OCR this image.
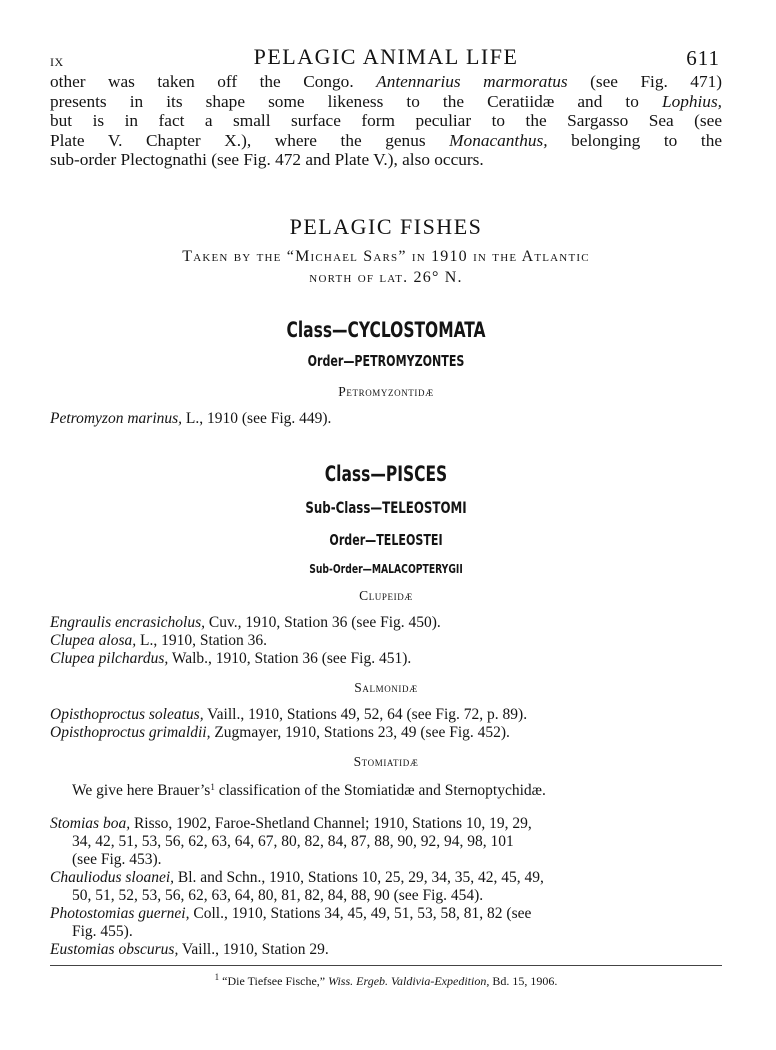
IX	PELAGIC ANIMAL LIFE	611
other was taken off the Congo. Antennarius marmoratus (see Fig. 471)
presents in its shape some likeness to the Ceratiidæ and to Lophius,
but is in fact a small surface form peculiar to the Sargasso Sea (see
Plate V. Chapter X.), where the genus Monacanthus, belonging to the
sub-order Plectognathi (see Fig. 472 and Plate V.), also occurs.
PELAGIC FISHES
Taken by the “Michael Sars” in 1910 in the Atlantic
north of lat. 26° N.
Class—CYCLOSTOMATA
Order—PETROMYZONTES
Petromyzontidæ

Petromyzon marinus, L., 1910 (see Fig. 449).

Class—PISCES
Sub-Class—TELEOSTOMI
Order—TELEOSTEI
Sub-Order—MALACOPTERYGII
Clupeidæ

Engraulis encrasicholus, Cuv., 1910, Station 36 (see Fig. 450).

Clupea alosa, L., 1910, Station 36.

Clupea pilchardus, Walb., 1910, Station 36 (see Fig. 451).

Salmonidæ

Opisthoproctus soleatus, Vaill., 1910, Stations 49, 52, 64 (see Fig. 72, p. 89).

Opisthoproctus grimaldii, Zugmayer, 1910, Stations 23, 49 (see Fig. 452).

Stomiatidæ

We give here $Brauer’s^1$ classification of the Stomiatidæ and Sternoptychidæ.

Stomias boa, Risso, 1902, Faroe-Shetland Channel; 1910, Stations 10, 19, 29,
34, 42, 51, 53, 56, 62, 63, 64, 67, 80, 82, 84, 87, 88, 90, 92, 94, 98, 101
(see Fig. 453).
Chauliodus sloanei, Bl. and Schn., 1910, Stations 10, 25, 29, 34, 35, 42, 45, 49,
50, 51, 52, 53, 56, 62, 63, 64, 80, 81, 82, 84, 88, 90 (see Fig. 454).
Photostomias guernei, Coll., 1910, Stations 34, 45, 49, 51, 53, 58, 81, 82 (see
Fig. 455).
Eustomias obscurus, Vaill., 1910, Station 29.
$^1$ “Die Tiefsee Fische,” Wiss. Ergeb. Valdivia-Expedition, Bd. 15, 1906.
